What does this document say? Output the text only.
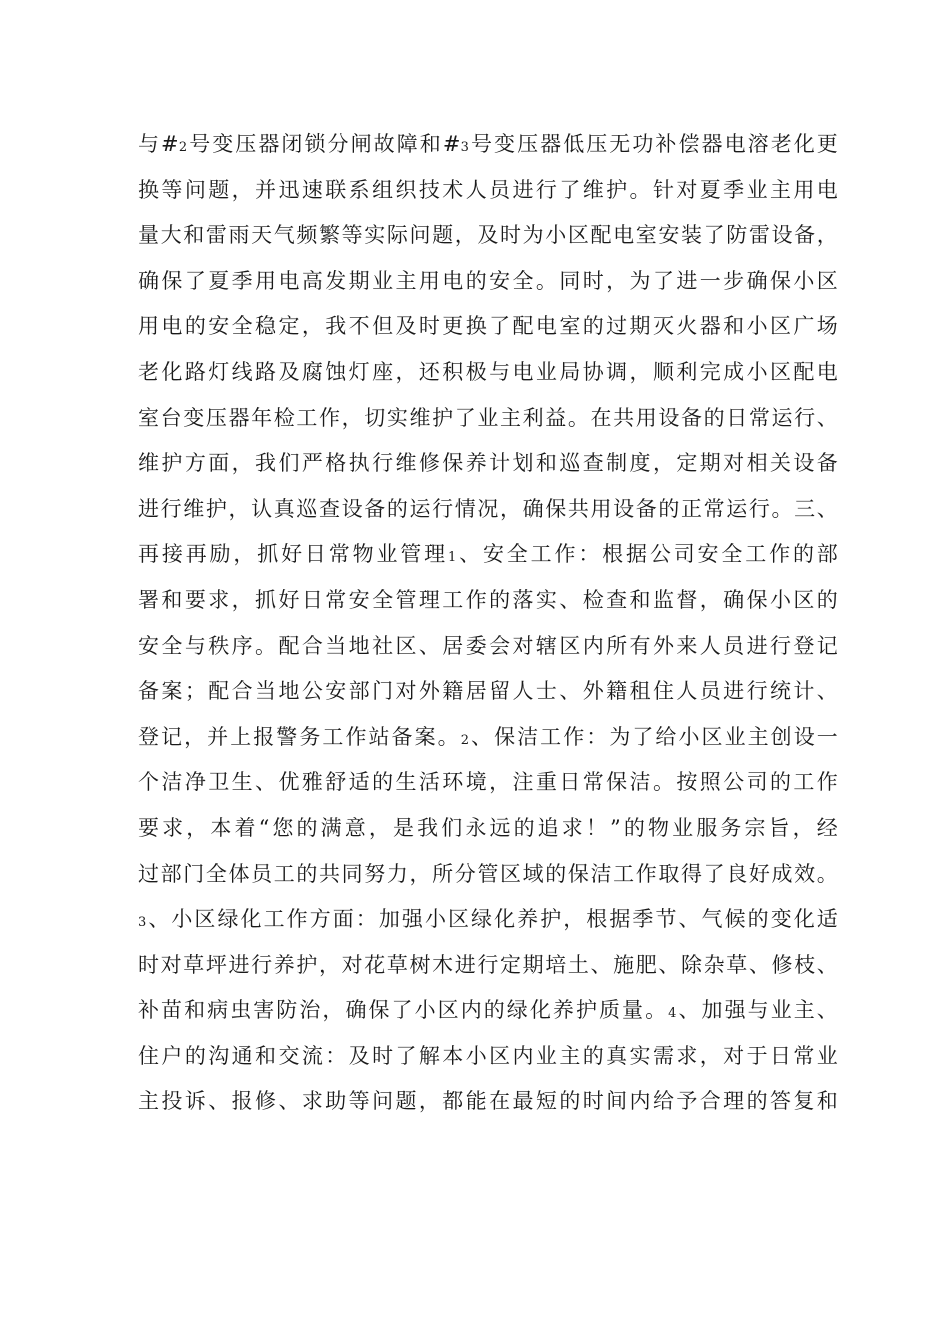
与#2号变压器闭锁分闸故障和#3号变压器低压无功补偿器电溶老化更
换等问题，并迅速联系组织技术人员进行了维护。针对夏季业主用电
量大和雷雨天气频繁等实际问题，及时为小区配电室安装了防雷设备，
确保了夏季用电高发期业主用电的安全。同时，为了进一步确保小区
用电的安全稳定，我不但及时更换了配电室的过期灭火器和小区广场
老化路灯线路及腐蚀灯座，还积极与电业局协调，顺利完成小区配电
室台变压器年检工作，切实维护了业主利益。在共用设备的日常运行、
维护方面，我们严格执行维修保养计划和巡查制度，定期对相关设备
进行维护，认真巡查设备的运行情况，确保共用设备的正常运行。三、
再接再励，抓好日常物业管理1、安全工作：根据公司安全工作的部
署和要求，抓好日常安全管理工作的落实、检查和监督，确保小区的
安全与秩序。配合当地社区、居委会对辖区内所有外来人员进行登记
备案；配合当地公安部门对外籍居留人士、外籍租住人员进行统计、
登记，并上报警务工作站备案。2、保洁工作：为了给小区业主创设一
个洁净卫生、优雅舒适的生活环境，注重日常保洁。按照公司的工作
要求，本着“您的满意，是我们永远的追求！”的物业服务宗旨，经
过部门全体员工的共同努力，所分管区域的保洁工作取得了良好成效。
3、小区绿化工作方面：加强小区绿化养护，根据季节、气候的变化适
时对草坪进行养护，对花草树木进行定期培土、施肥、除杂草、修枝、
补苗和病虫害防治，确保了小区内的绿化养护质量。4、加强与业主、
住户的沟通和交流：及时了解本小区内业主的真实需求，对于日常业
主投诉、报修、求助等问题，都能在最短的时间内给予合理的答复和
